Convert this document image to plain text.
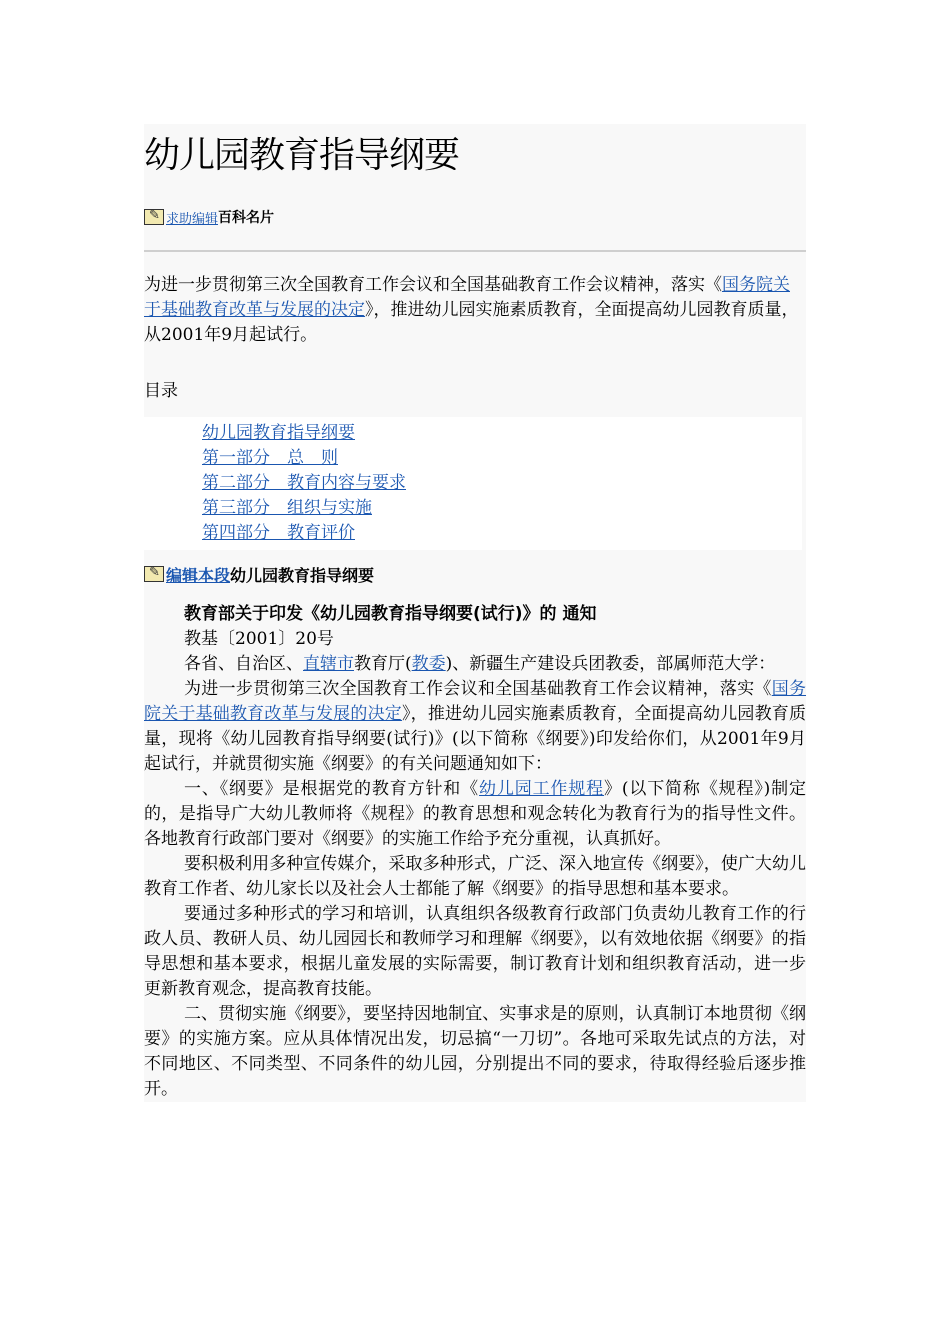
幼儿园教育指导纲要
✎
求助编辑 百科名片
为进一步贯彻第三次全国教育工作会议和全国基础教育工作会议精神，落实《国务院关于基础教育改革与发展的决定》，推进幼儿园实施素质教育，全面提高幼儿园教育质量，从2001年9月起试行。
目录
幼儿园教育指导纲要
第一部分　总　则
第二部分　教育内容与要求
第三部分　组织与实施
第四部分　教育评价
✎
编辑本段 幼儿园教育指导纲要

教育部关于印发《幼儿园教育指导纲要(试行)》的 通知

教基〔2001〕20号

各省、自治区、直辖市教育厅(教委)、新疆生产建设兵团教委，部属师范大学：

为进一步贯彻第三次全国教育工作会议和全国基础教育工作会议精神，落实《国务院关于基础教育改革与发展的决定》，推进幼儿园实施素质教育，全面提高幼儿园教育质量，现将《幼儿园教育指导纲要(试行)》(以下简称《纲要》)印发给你们，从2001年9月起试行，并就贯彻实施《纲要》的有关问题通知如下：

一、《纲要》是根据党的教育方针和《幼儿园工作规程》(以下简称《规程》)制定的，是指导广大幼儿教师将《规程》的教育思想和观念转化为教育行为的指导性文件。各地教育行政部门要对《纲要》的实施工作给予充分重视，认真抓好。

要积极利用多种宣传媒介，采取多种形式，广泛、深入地宣传《纲要》，使广大幼儿教育工作者、幼儿家长以及社会人士都能了解《纲要》的指导思想和基本要求。

要通过多种形式的学习和培训，认真组织各级教育行政部门负责幼儿教育工作的行政人员、教研人员、幼儿园园长和教师学习和理解《纲要》，以有效地依据《纲要》的指导思想和基本要求，根据儿童发展的实际需要，制订教育计划和组织教育活动，进一步更新教育观念，提高教育技能。

二、贯彻实施《纲要》，要坚持因地制宜、实事求是的原则，认真制订本地贯彻《纲要》的实施方案。应从具体情况出发，切忌搞“一刀切”。各地可采取先试点的方法，对不同地区、不同类型、不同条件的幼儿园，分别提出不同的要求，待取得经验后逐步推开。
